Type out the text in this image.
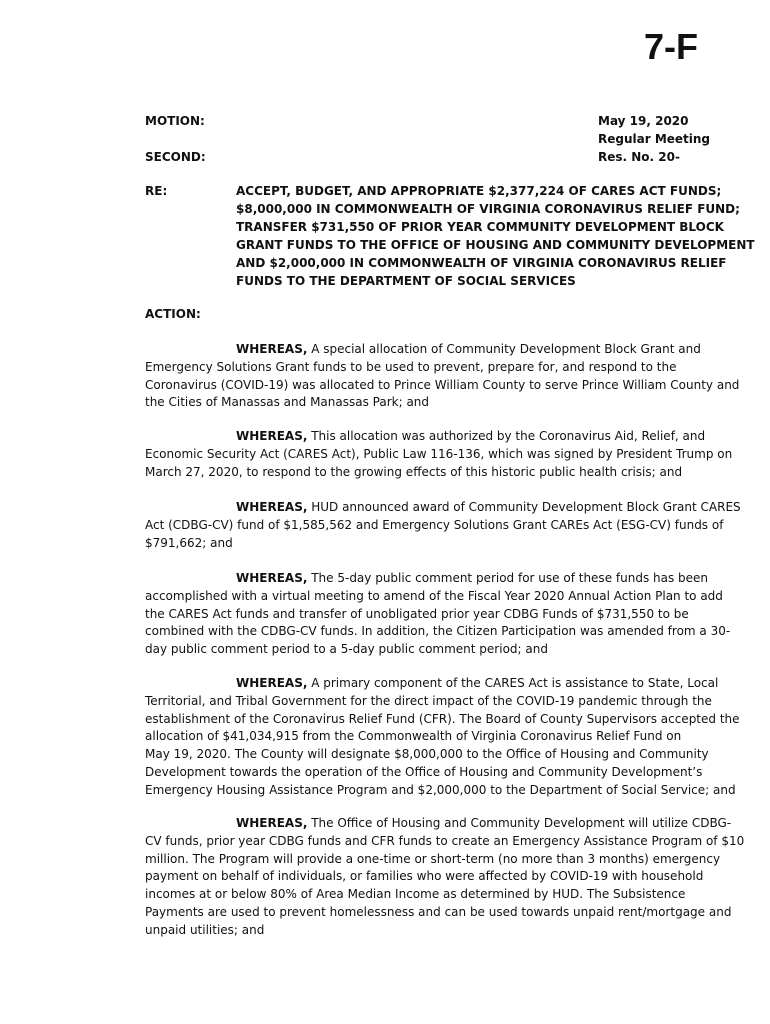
7-F
MOTION:
SECOND:
May 19, 2020
Regular Meeting
Res. No. 20-
RE:	ACCEPT, BUDGET, AND APPROPRIATE $2,377,224 OF CARES ACT FUNDS;
$8,000,000 IN COMMONWEALTH OF VIRGINIA CORONAVIRUS RELIEF FUND;
TRANSFER $731,550 OF PRIOR YEAR COMMUNITY DEVELOPMENT BLOCK
GRANT FUNDS TO THE OFFICE OF HOUSING AND COMMUNITY DEVELOPMENT
AND $2,000,000 IN COMMONWEALTH OF VIRGINIA CORONAVIRUS RELIEF
FUNDS TO THE DEPARTMENT OF SOCIAL SERVICES
ACTION:
WHEREAS, A special allocation of Community Development Block Grant and
Emergency Solutions Grant funds to be used to prevent, prepare for, and respond to the
Coronavirus (COVID-19) was allocated to Prince William County to serve Prince William County and
the Cities of Manassas and Manassas Park; and
WHEREAS, This allocation was authorized by the Coronavirus Aid, Relief, and
Economic Security Act (CARES Act), Public Law 116-136, which was signed by President Trump on
March 27, 2020, to respond to the growing effects of this historic public health crisis; and
WHEREAS, HUD announced award of Community Development Block Grant CARES
Act (CDBG-CV) fund of $1,585,562 and Emergency Solutions Grant CAREs Act (ESG-CV) funds of
$791,662; and
WHEREAS, The 5-day public comment period for use of these funds has been
accomplished with a virtual meeting to amend of the Fiscal Year 2020 Annual Action Plan to add
the CARES Act funds and transfer of unobligated prior year CDBG Funds of $731,550 to be
combined with the CDBG-CV funds. In addition, the Citizen Participation was amended from a 30-
day public comment period to a 5-day public comment period; and
WHEREAS, A primary component of the CARES Act is assistance to State, Local
Territorial, and Tribal Government for the direct impact of the COVID-19 pandemic through the
establishment of the Coronavirus Relief Fund (CFR). The Board of County Supervisors accepted the
allocation of $41,034,915 from the Commonwealth of Virginia Coronavirus Relief Fund on
May 19, 2020. The County will designate $8,000,000 to the Office of Housing and Community
Development towards the operation of the Office of Housing and Community Development’s
Emergency Housing Assistance Program and $2,000,000 to the Department of Social Service; and
WHEREAS, The Office of Housing and Community Development will utilize CDBG-
CV funds, prior year CDBG funds and CFR funds to create an Emergency Assistance Program of $10
million. The Program will provide a one-time or short-term (no more than 3 months) emergency
payment on behalf of individuals, or families who were affected by COVID-19 with household
incomes at or below 80% of Area Median Income as determined by HUD. The Subsistence
Payments are used to prevent homelessness and can be used towards unpaid rent/mortgage and
unpaid utilities; and
